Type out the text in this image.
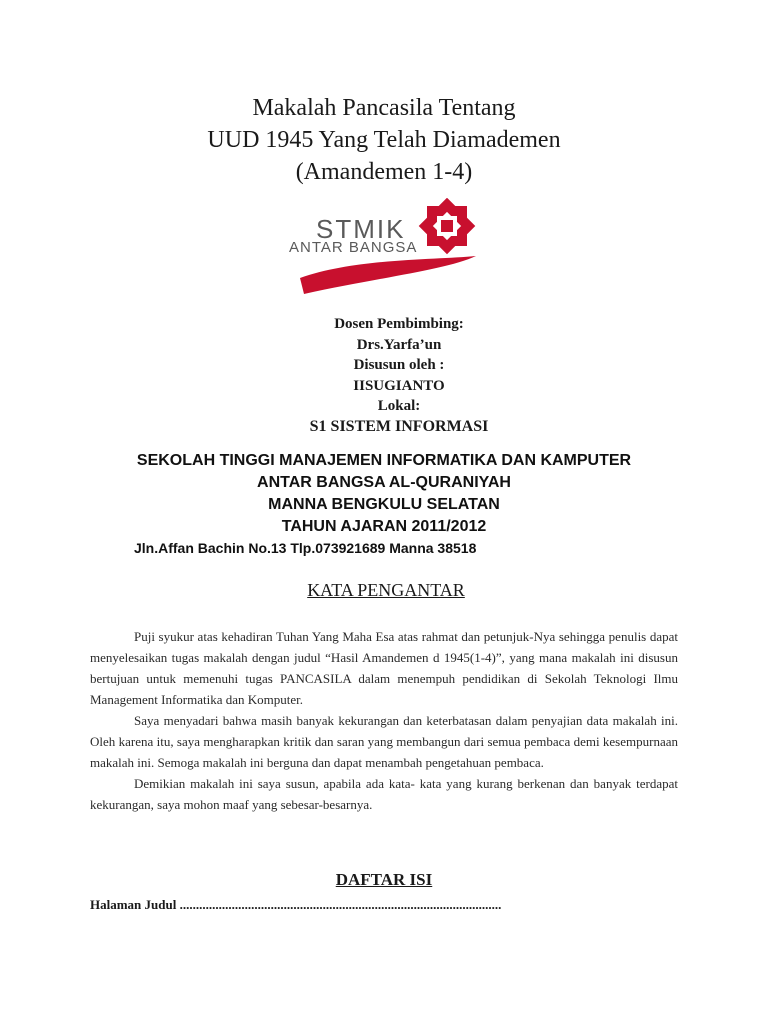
Makalah Pancasila Tentang
UUD 1945 Yang Telah Diamademen
(Amandemen 1-4)
STMIK
ANTAR BANGSA
Dosen Pembimbing:
Drs.Yarfa’un
Disusun oleh :
IISUGIANTO
Lokal:
S1 SISTEM INFORMASI
SEKOLAH TINGGI MANAJEMEN INFORMATIKA DAN KAMPUTER
ANTAR BANGSA AL-QURANIYAH
MANNA BENGKULU SELATAN
TAHUN AJARAN 2011/2012
Jln.Affan Bachin No.13 Tlp.073921689 Manna 38518
KATA PENGANTAR

Puji syukur atas kehadiran Tuhan Yang Maha Esa atas rahmat dan petunjuk-Nya sehingga penulis dapat menyelesaikan tugas makalah dengan judul “Hasil Amandemen d 1945(1-4)”, yang mana makalah ini disusun bertujuan untuk memenuhi tugas PANCASILA dalam menempuh pendidikan di Sekolah Teknologi Ilmu Management Informatika dan Komputer.

Saya menyadari bahwa masih banyak kekurangan dan keterbatasan dalam penyajian data makalah ini. Oleh karena itu, saya mengharapkan kritik dan saran yang membangun dari semua pembaca demi kesempurnaan makalah ini. Semoga makalah ini berguna dan dapat menambah pengetahuan pembaca.

Demikian makalah ini saya susun, apabila ada kata- kata yang kurang berkenan dan banyak terdapat kekurangan, saya mohon maaf yang sebesar-besarnya.

DAFTAR ISI
Halaman Judul ...................................................................................................
